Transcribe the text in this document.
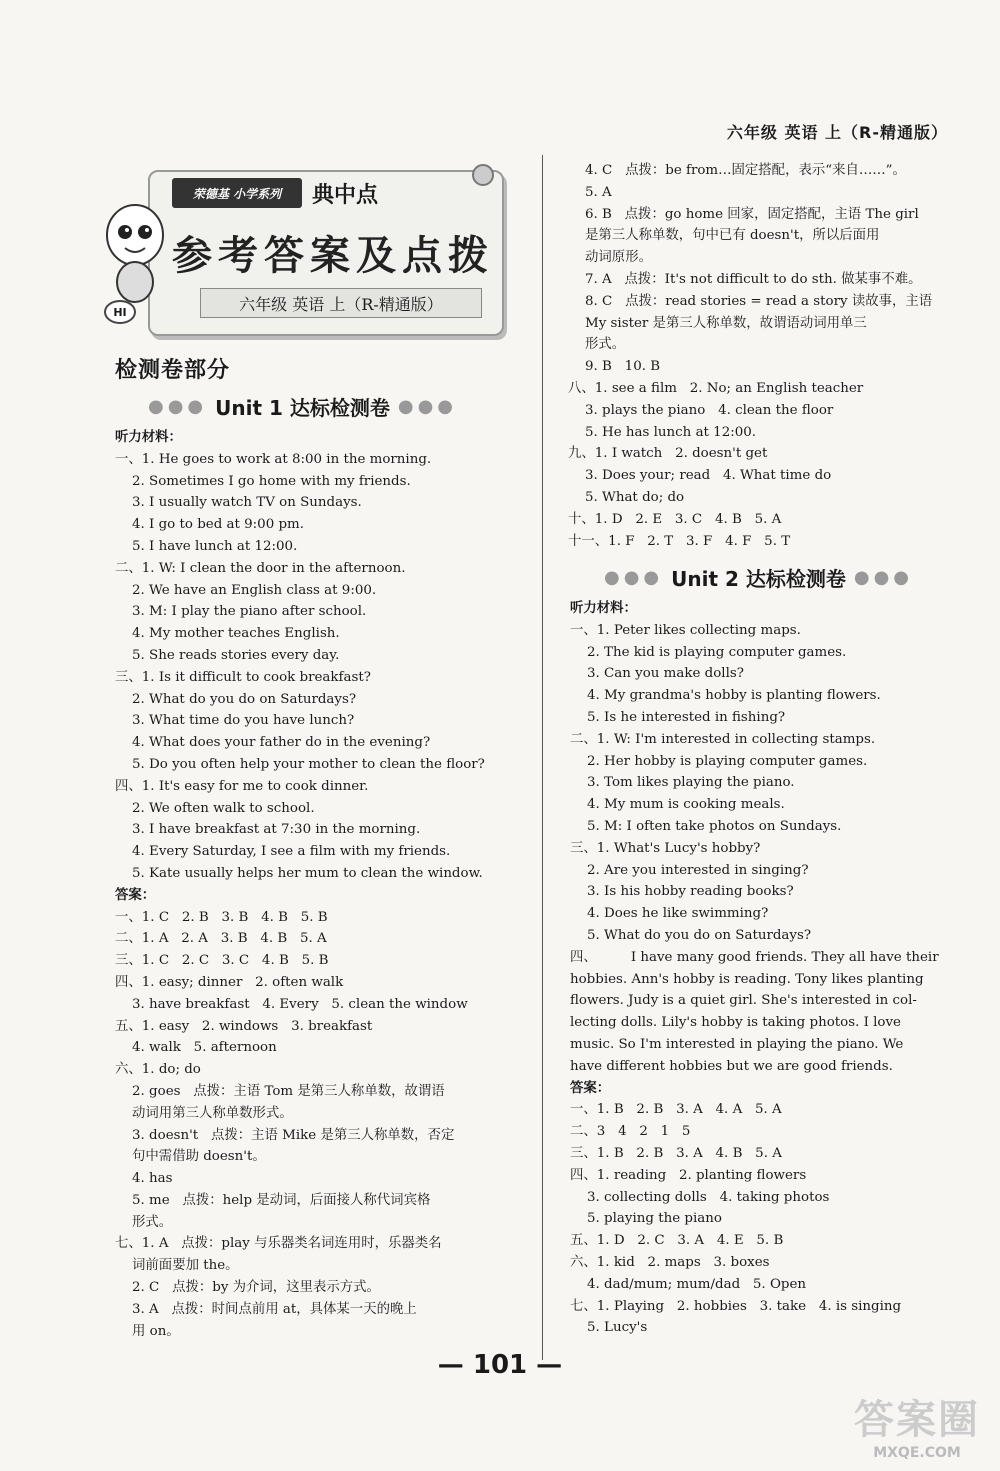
六年级 英语 上（R-精通版）
荣德基 小学系列	典中点
参考答案及点拨
六年级 英语 上（R-精通版）
HI
检测卷部分
●●● Unit 1 达标检测卷 ●●●
听力材料：
一、1. He goes to work at 8:00 in the morning.
2. Sometimes I go home with my friends.
3. I usually watch TV on Sundays.
4. I go to bed at 9:00 pm.
5. I have lunch at 12:00.
二、1. W: I clean the door in the afternoon.
2. We have an English class at 9:00.
3. M: I play the piano after school.
4. My mother teaches English.
5. She reads stories every day.
三、1. Is it difficult to cook breakfast?
2. What do you do on Saturdays?
3. What time do you have lunch?
4. What does your father do in the evening?
5. Do you often help your mother to clean the floor?
四、1. It's easy for me to cook dinner.
2. We often walk to school.
3. I have breakfast at 7:30 in the morning.
4. Every Saturday, I see a film with my friends.
5. Kate usually helps her mum to clean the window.
答案：
一、1. C   2. B   3. B   4. B   5. B
二、1. A   2. A   3. B   4. B   5. A
三、1. C   2. C   3. C   4. B   5. B
四、1. easy; dinner   2. often walk
3. have breakfast   4. Every   5. clean the window
五、1. easy   2. windows   3. breakfast
4. walk   5. afternoon
六、1. do; do
2. goes   点拨：主语 Tom 是第三人称单数，故谓语
动词用第三人称单数形式。
3. doesn't   点拨：主语 Mike 是第三人称单数，否定
句中需借助 doesn't。
4. has
5. me   点拨：help 是动词，后面接人称代词宾格
形式。
七、1. A   点拨：play 与乐器类名词连用时，乐器类名
词前面要加 the。
2. C   点拨：by 为介词，这里表示方式。
3. A   点拨：时间点前用 at，具体某一天的晚上
用 on。
4. C   点拨：be from…固定搭配，表示“来自……”。
5. A
6. B   点拨：go home 回家，固定搭配，主语 The girl
是第三人称单数，句中已有 doesn't，所以后面用
动词原形。
7. A   点拨：It's not difficult to do sth. 做某事不难。
8. C   点拨：read stories = read a story 读故事，主语
My sister 是第三人称单数，故谓语动词用单三
形式。
9. B   10. B
八、1. see a film   2. No; an English teacher
3. plays the piano   4. clean the floor
5. He has lunch at 12:00.
九、1. I watch   2. doesn't get
3. Does your; read   4. What time do
5. What do; do
十、1. D   2. E   3. C   4. B   5. A
十一、1. F   2. T   3. F   4. F   5. T
●●● Unit 2 达标检测卷 ●●●
听力材料：
一、1. Peter likes collecting maps.
2. The kid is playing computer games.
3. Can you make dolls?
4. My grandma's hobby is planting flowers.
5. Is he interested in fishing?
二、1. W: I'm interested in collecting stamps.
2. Her hobby is playing computer games.
3. Tom likes playing the piano.
4. My mum is cooking meals.
5. M: I often take photos on Sundays.
三、1. What's Lucy's hobby?
2. Are you interested in singing?
3. Is his hobby reading books?
4. Does he like swimming?
5. What do you do on Saturdays?
四、        I have many good friends. They all have their
hobbies. Ann's hobby is reading. Tony likes planting
flowers. Judy is a quiet girl. She's interested in col-
lecting dolls. Lily's hobby is taking photos. I love
music. So I'm interested in playing the piano. We
have different hobbies but we are good friends.
答案：
一、1. B   2. B   3. A   4. A   5. A
二、3   4   2   1   5
三、1. B   2. B   3. A   4. B   5. A
四、1. reading   2. planting flowers
3. collecting dolls   4. taking photos
5. playing the piano
五、1. D   2. C   3. A   4. E   5. B
六、1. kid   2. maps   3. boxes
4. dad/mum; mum/dad   5. Open
七、1. Playing   2. hobbies   3. take   4. is singing
5. Lucy's
— 101 —
答案圈
MXQE.COM
